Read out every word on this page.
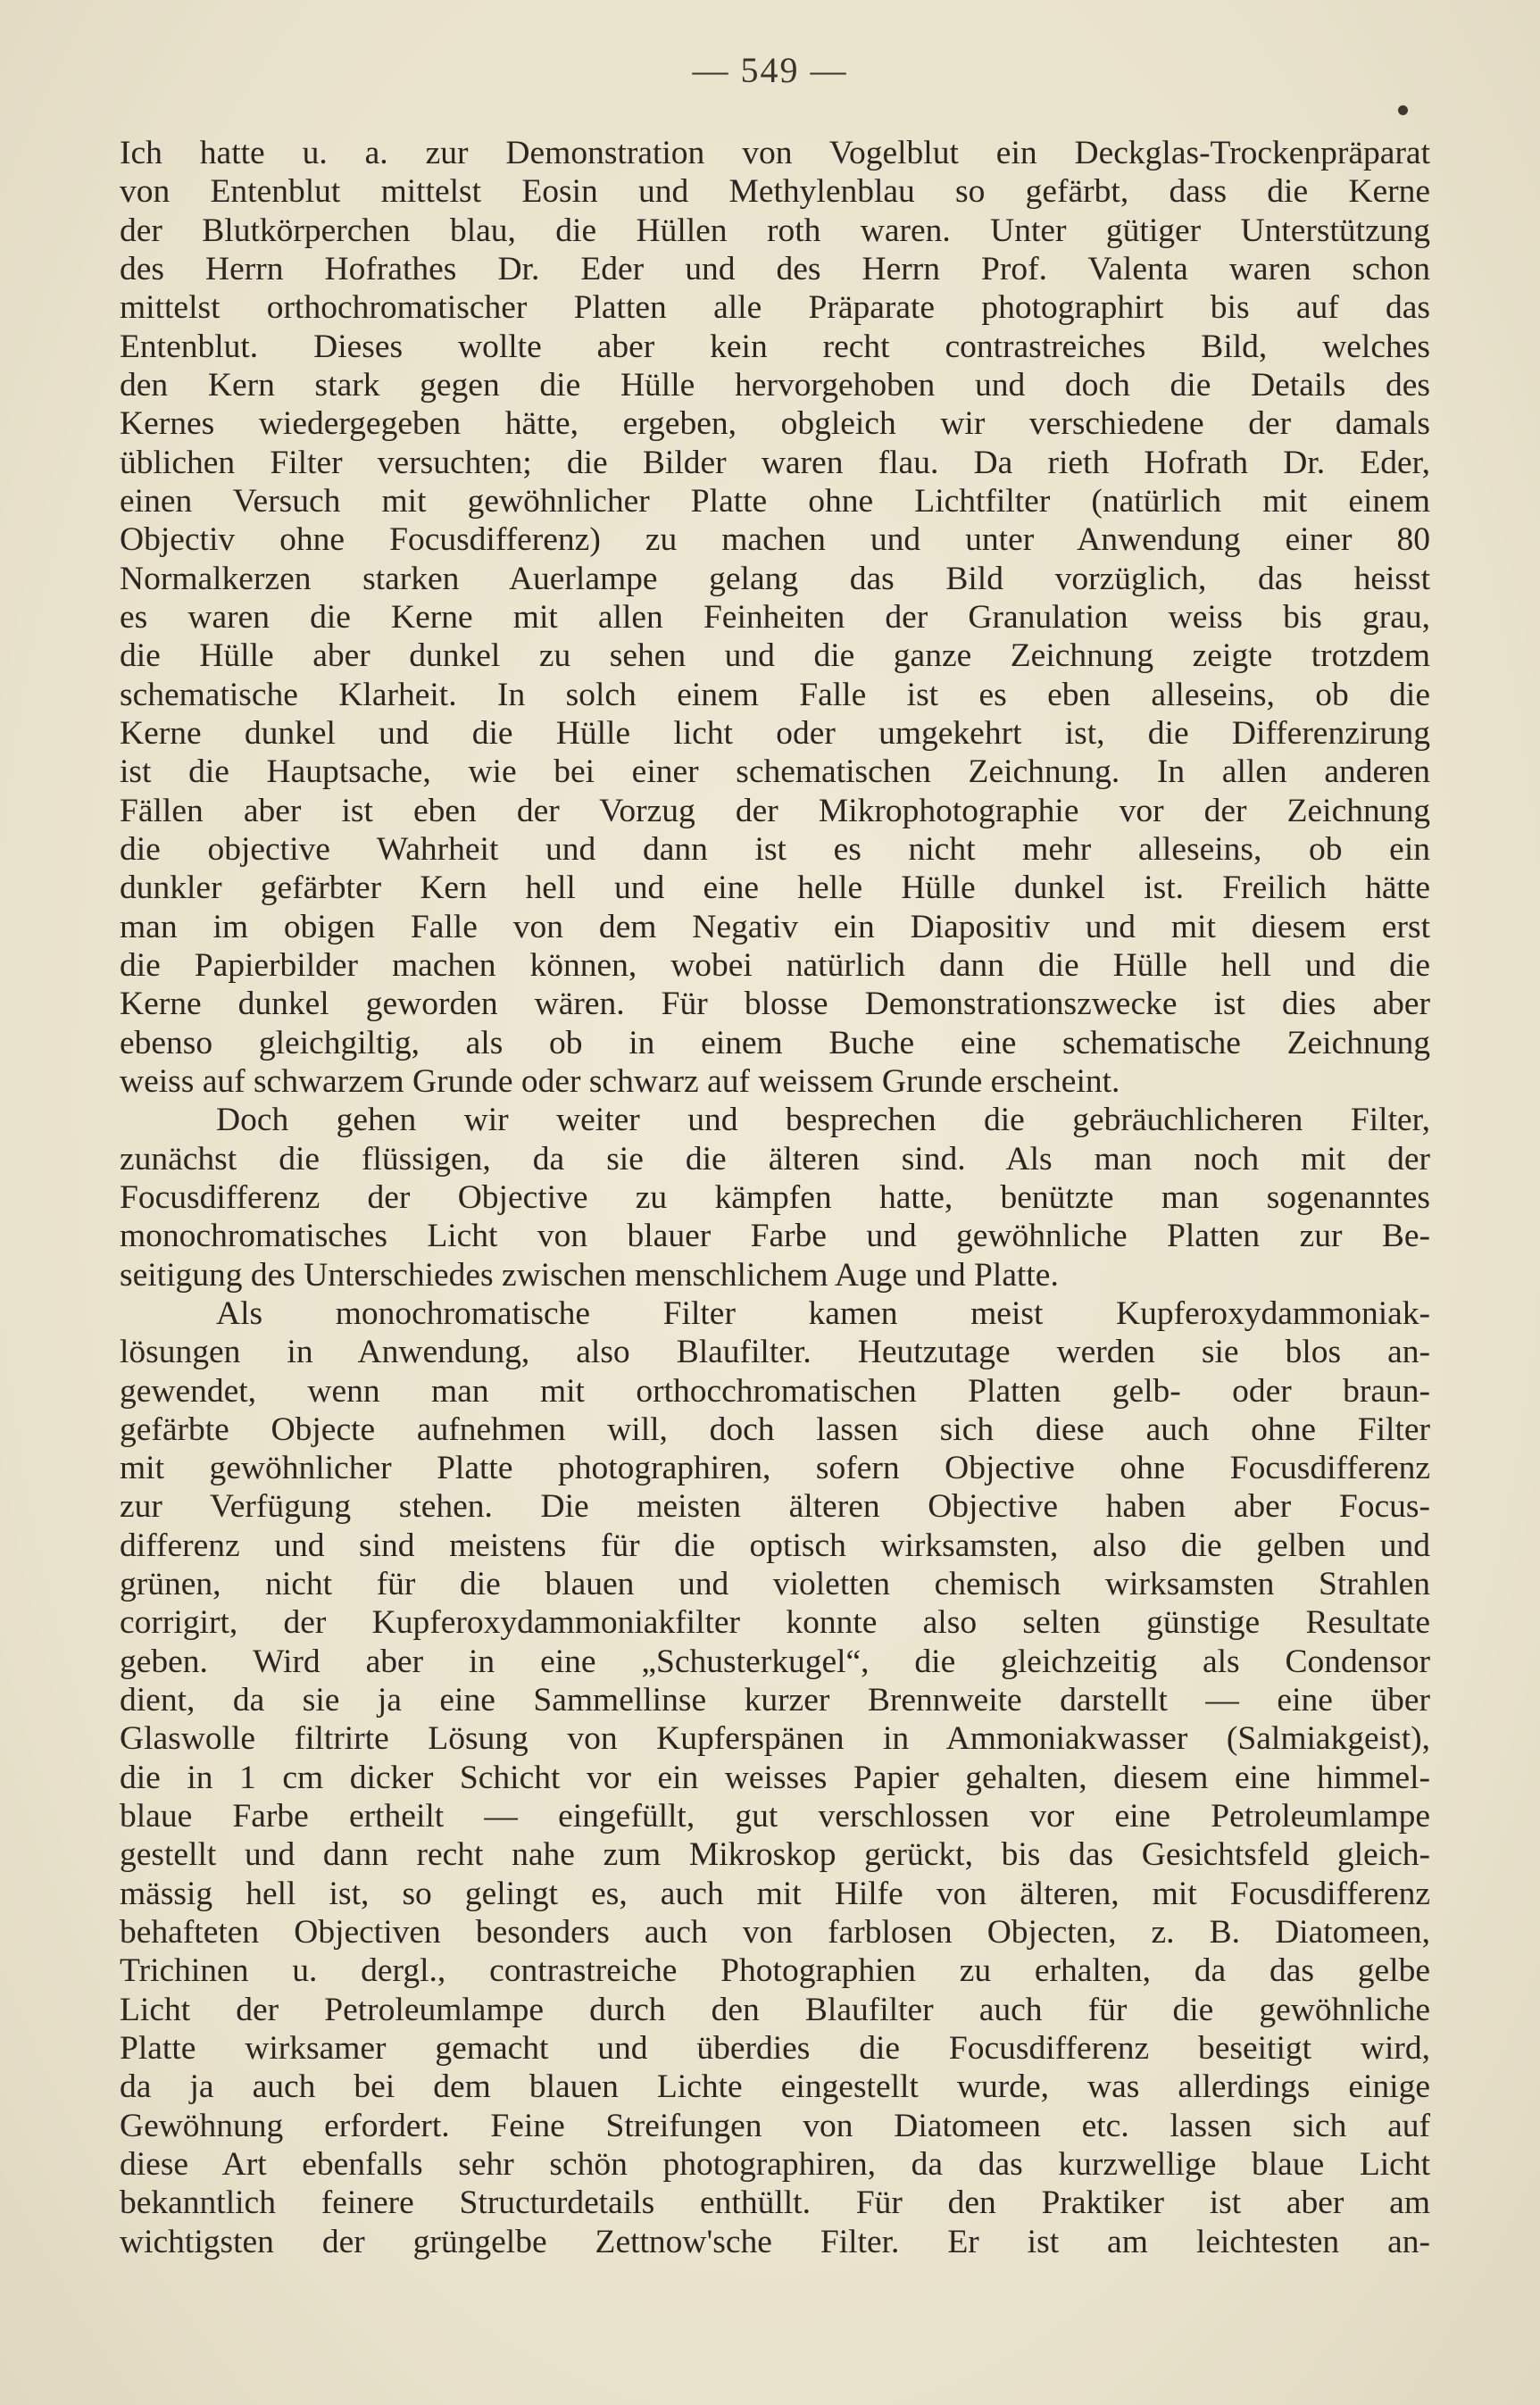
— 549 —
Ich hatte u. a. zur Demonstration von Vogelblut ein Deckglas-Trockenpräparat
von Entenblut mittelst Eosin und Methylenblau so gefärbt, dass die Kerne
der Blutkörperchen blau, die Hüllen roth waren. Unter gütiger Unterstützung
des Herrn Hofrathes Dr. Eder und des Herrn Prof. Valenta waren schon
mittelst orthochromatischer Platten alle Präparate photographirt bis auf das
Entenblut. Dieses wollte aber kein recht contrastreiches Bild, welches
den Kern stark gegen die Hülle hervorgehoben und doch die Details des
Kernes wiedergegeben hätte, ergeben, obgleich wir verschiedene der damals
üblichen Filter versuchten; die Bilder waren flau. Da rieth Hofrath Dr. Eder,
einen Versuch mit gewöhnlicher Platte ohne Lichtfilter (natürlich mit einem
Objectiv ohne Focusdifferenz) zu machen und unter Anwendung einer 80
Normalkerzen starken Auerlampe gelang das Bild vorzüglich, das heisst
es waren die Kerne mit allen Feinheiten der Granulation weiss bis grau,
die Hülle aber dunkel zu sehen und die ganze Zeichnung zeigte trotzdem
schematische Klarheit. In solch einem Falle ist es eben alleseins, ob die
Kerne dunkel und die Hülle licht oder umgekehrt ist, die Differenzirung
ist die Hauptsache, wie bei einer schematischen Zeichnung. In allen anderen
Fällen aber ist eben der Vorzug der Mikrophotographie vor der Zeichnung
die objective Wahrheit und dann ist es nicht mehr alleseins, ob ein
dunkler gefärbter Kern hell und eine helle Hülle dunkel ist. Freilich hätte
man im obigen Falle von dem Negativ ein Diapositiv und mit diesem erst
die Papierbilder machen können, wobei natürlich dann die Hülle hell und die
Kerne dunkel geworden wären. Für blosse Demonstrationszwecke ist dies aber
ebenso gleichgiltig, als ob in einem Buche eine schematische Zeichnung
weiss auf schwarzem Grunde oder schwarz auf weissem Grunde erscheint.
Doch gehen wir weiter und besprechen die gebräuchlicheren Filter,
zunächst die flüssigen, da sie die älteren sind. Als man noch mit der
Focusdifferenz der Objective zu kämpfen hatte, benützte man sogenanntes
monochromatisches Licht von blauer Farbe und gewöhnliche Platten zur Be-
seitigung des Unterschiedes zwischen menschlichem Auge und Platte.
Als monochromatische Filter kamen meist Kupferoxydammoniak-
lösungen in Anwendung, also Blaufilter. Heutzutage werden sie blos an-
gewendet, wenn man mit orthocchromatischen Platten gelb- oder braun-
gefärbte Objecte aufnehmen will, doch lassen sich diese auch ohne Filter
mit gewöhnlicher Platte photographiren, sofern Objective ohne Focusdifferenz
zur Verfügung stehen. Die meisten älteren Objective haben aber Focus-
differenz und sind meistens für die optisch wirksamsten, also die gelben und
grünen, nicht für die blauen und violetten chemisch wirksamsten Strahlen
corrigirt, der Kupferoxydammoniakfilter konnte also selten günstige Resultate
geben. Wird aber in eine „Schusterkugel“, die gleichzeitig als Condensor
dient, da sie ja eine Sammellinse kurzer Brennweite darstellt — eine über
Glaswolle filtrirte Lösung von Kupferspänen in Ammoniakwasser (Salmiakgeist),
die in 1 cm dicker Schicht vor ein weisses Papier gehalten, diesem eine himmel-
blaue Farbe ertheilt — eingefüllt, gut verschlossen vor eine Petroleumlampe
gestellt und dann recht nahe zum Mikroskop gerückt, bis das Gesichtsfeld gleich-
mässig hell ist, so gelingt es, auch mit Hilfe von älteren, mit Focusdifferenz
behafteten Objectiven besonders auch von farblosen Objecten, z. B. Diatomeen,
Trichinen u. dergl., contrastreiche Photographien zu erhalten, da das gelbe
Licht der Petroleumlampe durch den Blaufilter auch für die gewöhnliche
Platte wirksamer gemacht und überdies die Focusdifferenz beseitigt wird,
da ja auch bei dem blauen Lichte eingestellt wurde, was allerdings einige
Gewöhnung erfordert. Feine Streifungen von Diatomeen etc. lassen sich auf
diese Art ebenfalls sehr schön photographiren, da das kurzwellige blaue Licht
bekanntlich feinere Structurdetails enthüllt. Für den Praktiker ist aber am
wichtigsten der grüngelbe Zettnow'sche Filter. Er ist am leichtesten an-
